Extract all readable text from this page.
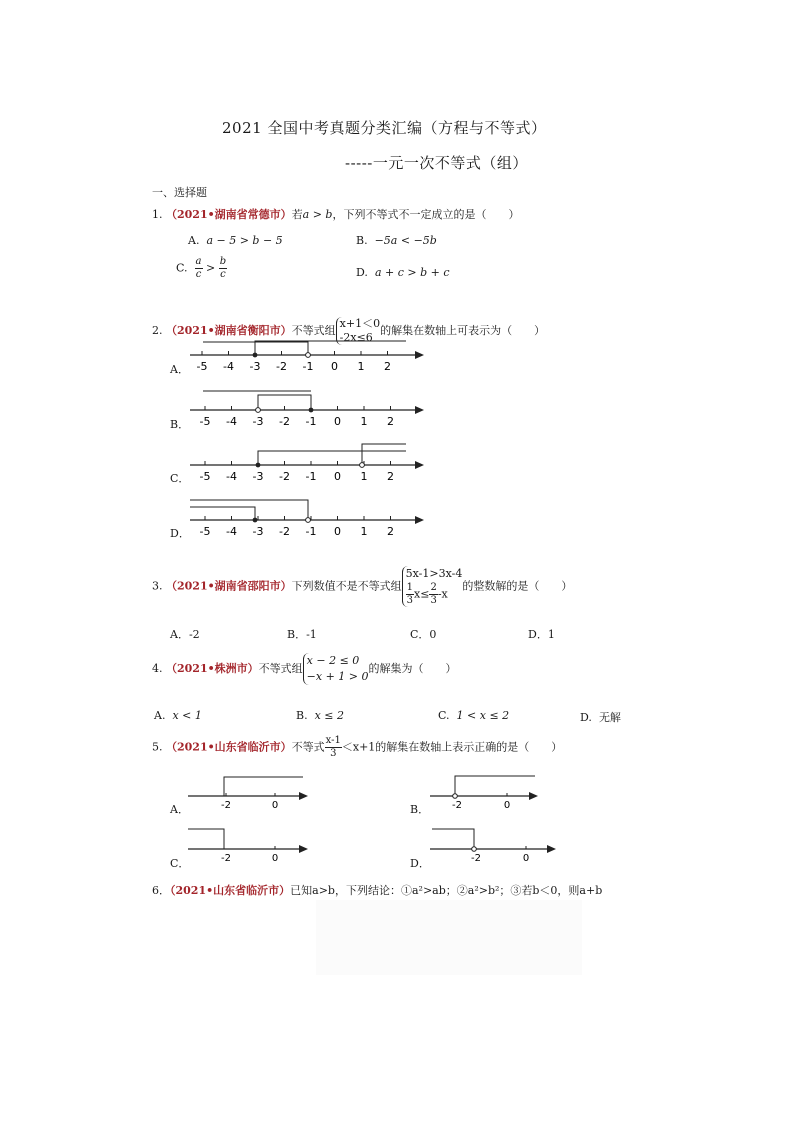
2021 全国中考真题分类汇编（方程与不等式）
-----一元一次不等式（组）
一、选择题
1. （2021•湖南省常德市）若a > b，下列不等式不一定成立的是（　　）
A. a − 5 > b − 5	B. −5a < −5b
C. $\frac{a}{c} > \frac{b}{c}$	D. a + c > b + c
2. （2021•湖南省衡阳市）不等式组
x+1＜0
-2x≤6
的解集在数轴上可表示为（　　）
A．
B．
C．
D．
-5 -4 -3 -2 -1 0 1 2
-5 -4 -3 -2 -1 0 1 2
-5 -4 -3 -2 -1 0 1 2
-5 -4 -3 -2 -1 0 1 2
3. （2021•湖南省邵阳市）下列数值不是不等式组
5x-1>3x-4
$\frac{1}{3} x\le \frac{2}{3} -x$
的整数解的是（　　）
A．-2	B．-1	C．0	D．1
4. （2021•株洲市）不等式组
x − 2 ≤ 0
−x + 1 > 0
的解集为（　　）
A. x < 1	B. x ≤ 2	C. 1 < x ≤ 2	D. 无解
5. （2021•山东省临沂市）不等式 $\frac{x-1}{3} <x+1$的解集在数轴上表示正确的是（　　）
A．	B．
C．	D．
-2	0	-2	0
-2	0	-2	0
6．（2021•山东省临沂市）已知a>b，下列结论：①a²>ab；②a²>b²；③若b＜0，则a+b
